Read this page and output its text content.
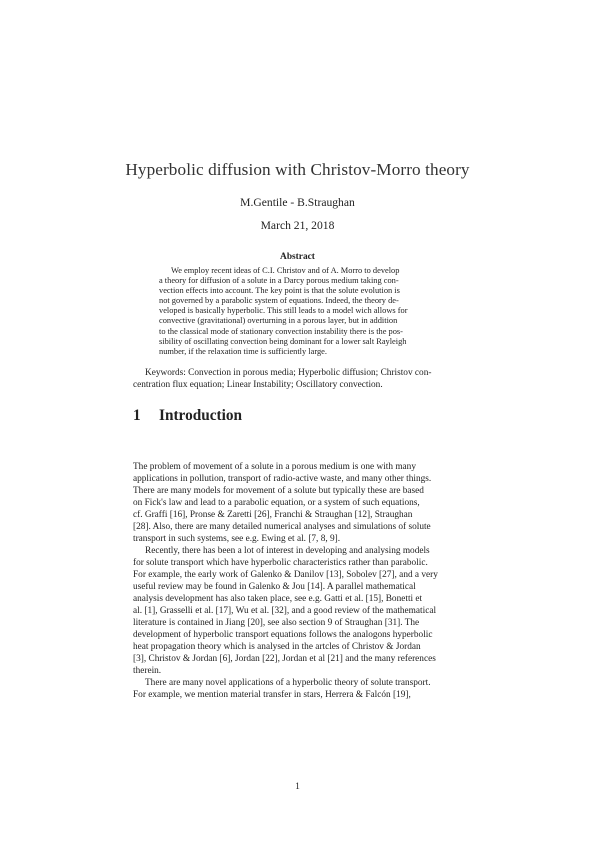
Hyperbolic diffusion with Christov-Morro theory
M.Gentile - B.Straughan
March 21, 2018
Abstract
We employ recent ideas of C.I. Christov and of A. Morro to develop
a theory for diffusion of a solute in a Darcy porous medium taking con-
vection effects into account. The key point is that the solute evolution is
not governed by a parabolic system of equations. Indeed, the theory de-
veloped is basically hyperbolic. This still leads to a model wich allows for
convective (gravitational) overturning in a porous layer, but in addition
to the classical mode of stationary convection instability there is the pos-
sibility of oscillating convection being dominant for a lower salt Rayleigh
number, if the relaxation time is sufficiently large.
Keywords: Convection in porous media; Hyperbolic diffusion; Christov con-
centration flux equation; Linear Instability; Oscillatory convection.
1 Introduction
The problem of movement of a solute in a porous medium is one with many
applications in pollution, transport of radio-active waste, and many other things.
There are many models for movement of a solute but typically these are based
on Fick's law and lead to a parabolic equation, or a system of such equations,
cf. Graffi [16], Pronse & Zaretti [26], Franchi & Straughan [12], Straughan
[28]. Also, there are many detailed numerical analyses and simulations of solute
transport in such systems, see e.g. Ewing et al. [7, 8, 9].
Recently, there has been a lot of interest in developing and analysing models
for solute transport which have hyperbolic characteristics rather than parabolic.
For example, the early work of Galenko & Danilov [13], Sobolev [27], and a very
useful review may be found in Galenko & Jou [14]. A parallel mathematical
analysis development has also taken place, see e.g. Gatti et al. [15], Bonetti et
al. [1], Grasselli et al. [17], Wu et al. [32], and a good review of the mathematical
literature is contained in Jiang [20], see also section 9 of Straughan [31]. The
development of hyperbolic transport equations follows the analogons hyperbolic
heat propagation theory which is analysed in the artcles of Christov & Jordan
[3], Christov & Jordan [6], Jordan [22], Jordan et al [21] and the many references
therein.
There are many novel applications of a hyperbolic theory of solute transport.
For example, we mention material transfer in stars, Herrera & Falcón [19],
1
